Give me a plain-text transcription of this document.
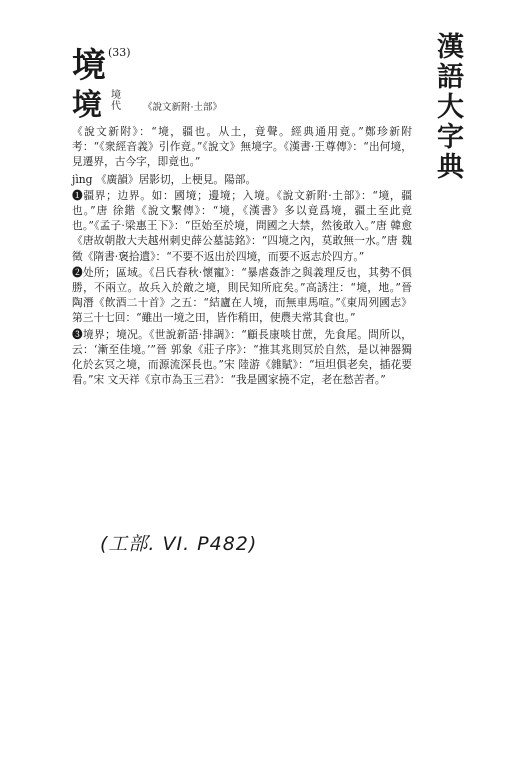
漢語大字典
境 (33)
境 境 代	《說文新附·土部》

《說文新附》：“境，疆也。从土，竟聲。經典通用竟。”鄭珍新附考：“《衆經音義》引作竟。”《說文》無境字。《漢書·王尊傳》：“出何境，見遷界，古今字，即竟也。”

jìng 《廣韻》居影切，上梗見。陽部。

❶疆界；边界。如：國境；邊境；入境。《說文新附·土部》：“境，疆也。”唐 徐鍇《說文繫傳》：“境，《漢書》多以竟爲境，疆土至此竟也。”《孟子·梁惠王下》：“臣始至於境，問國之大禁，然後敢入。”唐 韓愈《唐故朝散大夫越州刺史薛公墓誌銘》：“四境之內，莫敢無一水。”唐 魏徵《隋書·褒拾遺》：“不要不返出於四境，而要不返志於四方。”

❷处所；區域。《吕氏春秋·懷寵》：“暴虐姦詐之與義理反也，其勢不俱勝，不兩立。故兵入於敵之境，則民知所庇矣。”高誘注：“境，地。”晉 陶潛《飲酒二十首》之五：“結廬在人境，而無車馬喧。”《東周列國志》第三十七回：“雖出一境之田，皆作稍田，使農夫常其食也。”

❸境界；境况。《世說新語·排調》：“顧長康啖甘蔗，先食尾。問所以，云：‘漸至佳境。’”晉 郭象《莊子序》：“推其兆則冥於自然，是以神器獨化於玄冥之境，而源流深長也。”宋 陸游《雜賦》：“垣坦俱老矣，插花要看。”宋 文天祥《京市為玉三君》：“我是國家撓不定，老在愁苦者。”

(工部. VI. P482)
